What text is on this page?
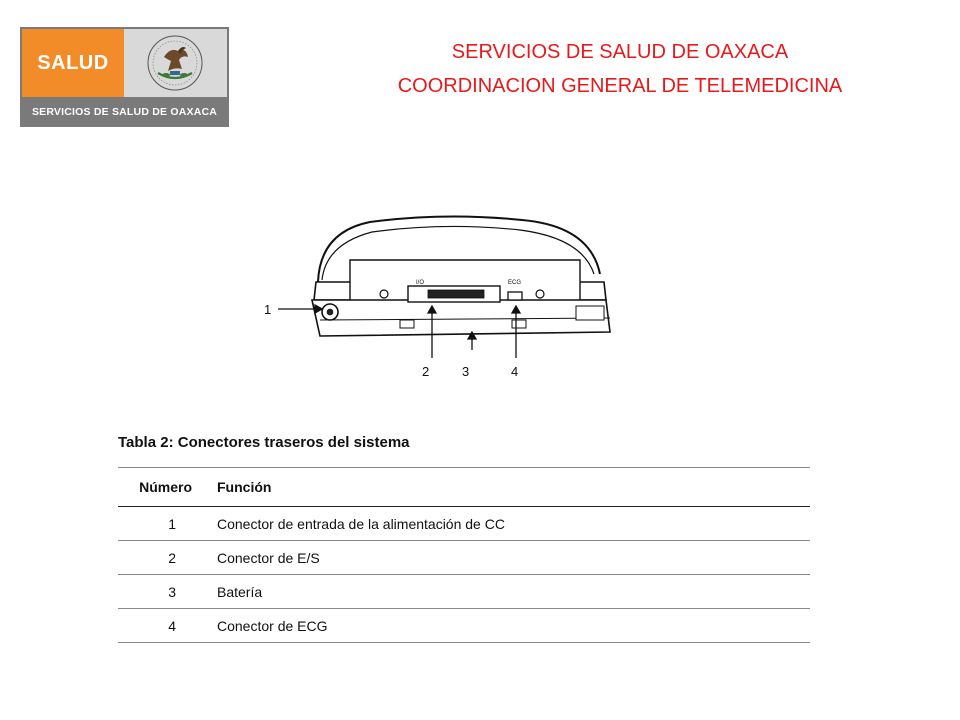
SALUD
SERVICIOS DE SALUD DE OAXACA
SERVICIOS DE SALUD DE OAXACA
COORDINACION GENERAL DE TELEMEDICINA
I/O	ECG
1
2	3	4
Tabla 2: Conectores traseros del sistema
Número	Función
1	Conector de entrada de la alimentación de CC
2	Conector de E/S
3	Batería
4	Conector de ECG
